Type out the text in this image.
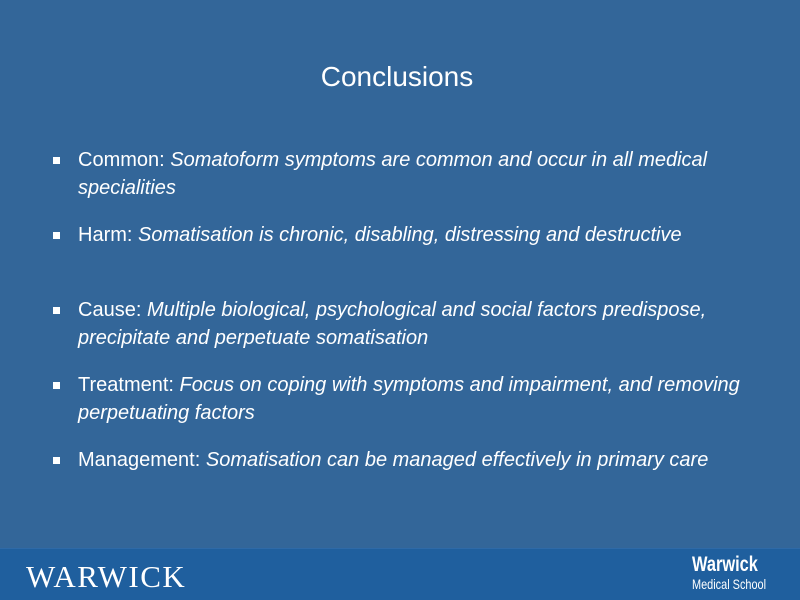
Conclusions
Common: Somatoform symptoms are common and occur in all medical specialities
Harm: Somatisation is chronic, disabling, distressing and destructive
Cause: Multiple biological, psychological and social factors predispose, precipitate and perpetuate somatisation
Treatment: Focus on coping with symptoms and impairment, and removing perpetuating factors
Management: Somatisation can be managed effectively in primary care
WARWICK	Warwick
Medical School
